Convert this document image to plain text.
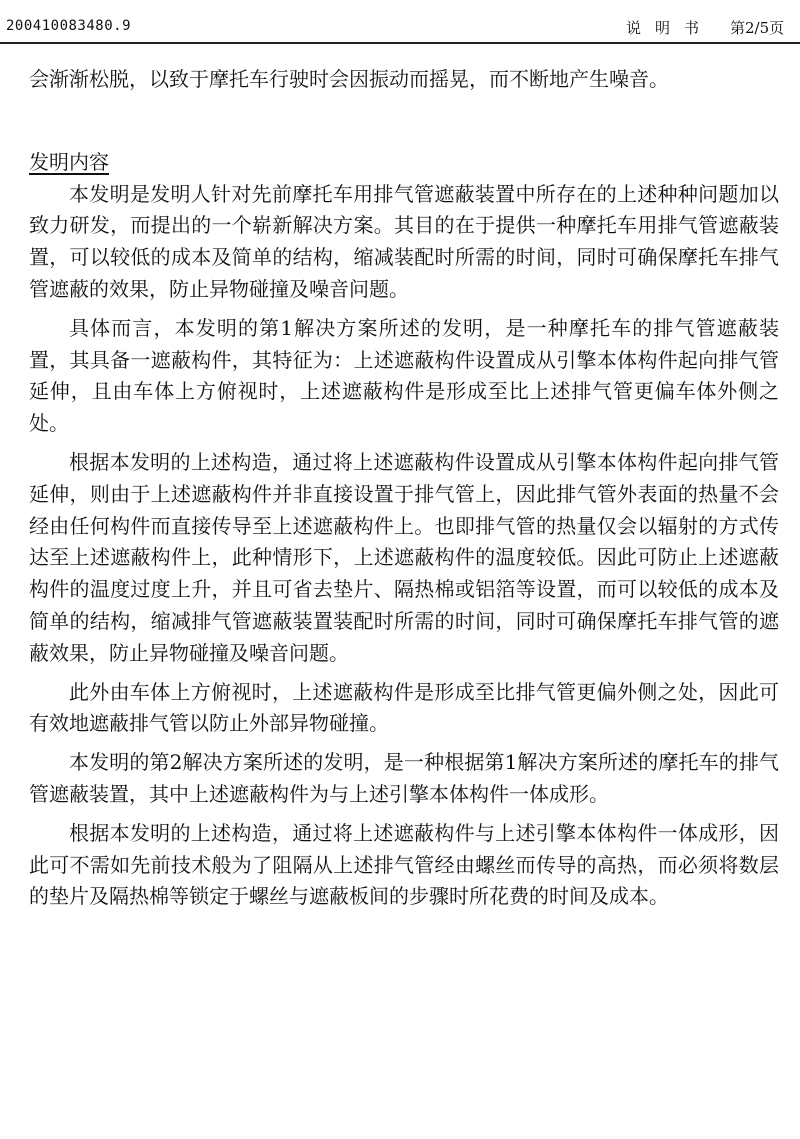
200410083480.9	说明书 第2/5页

会渐渐松脱，以致于摩托车行驶时会因振动而摇晃，而不断地产生噪音。

发明内容

本发明是发明人针对先前摩托车用排气管遮蔽装置中所存在的上述种种问题加以致力研发，而提出的一个崭新解决方案。其目的在于提供一种摩托车用排气管遮蔽装置，可以较低的成本及简单的结构，缩减装配时所需的时间，同时可确保摩托车排气管遮蔽的效果，防止异物碰撞及噪音问题。

具体而言，本发明的第1解决方案所述的发明，是一种摩托车的排气管遮蔽装置，其具备一遮蔽构件，其特征为：上述遮蔽构件设置成从引擎本体构件起向排气管延伸，且由车体上方俯视时，上述遮蔽构件是形成至比上述排气管更偏车体外侧之处。

根据本发明的上述构造，通过将上述遮蔽构件设置成从引擎本体构件起向排气管延伸，则由于上述遮蔽构件并非直接设置于排气管上，因此排气管外表面的热量不会经由任何构件而直接传导至上述遮蔽构件上。也即排气管的热量仅会以辐射的方式传达至上述遮蔽构件上，此种情形下，上述遮蔽构件的温度较低。因此可防止上述遮蔽构件的温度过度上升，并且可省去垫片、隔热棉或铝箔等设置，而可以较低的成本及简单的结构，缩减排气管遮蔽装置装配时所需的时间，同时可确保摩托车排气管的遮蔽效果，防止异物碰撞及噪音问题。

此外由车体上方俯视时，上述遮蔽构件是形成至比排气管更偏外侧之处，因此可有效地遮蔽排气管以防止外部异物碰撞。

本发明的第2解决方案所述的发明，是一种根据第1解决方案所述的摩托车的排气管遮蔽装置，其中上述遮蔽构件为与上述引擎本体构件一体成形。

根据本发明的上述构造，通过将上述遮蔽构件与上述引擎本体构件一体成形，因此可不需如先前技术般为了阻隔从上述排气管经由螺丝而传导的高热，而必须将数层的垫片及隔热棉等锁定于螺丝与遮蔽板间的步骤时所花费的时间及成本。
